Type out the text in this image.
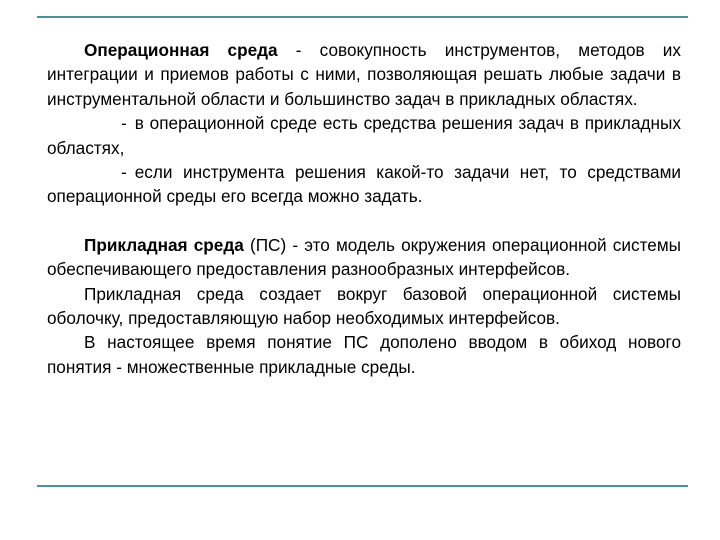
Операционная среда - совокупность инструментов, методов их интеграции и приемов работы с ними, позволяющая решать любые задачи в инструментальной области и большинство задач в прикладных областях.

- в операционной среде есть средства решения задач в прикладных областях,

- если инструмента решения какой-то задачи нет, то средствами операционной среды его всегда можно задать.

Прикладная среда (ПС) - это модель окружения операционной системы обеспечивающего предоставления разнообразных интерфейсов.

Прикладная среда создает вокруг базовой операционной системы оболочку, предоставляющую набор необходимых интерфейсов.

В настоящее время понятие ПС дополено вводом в обиход нового понятия - множественные прикладные среды.
